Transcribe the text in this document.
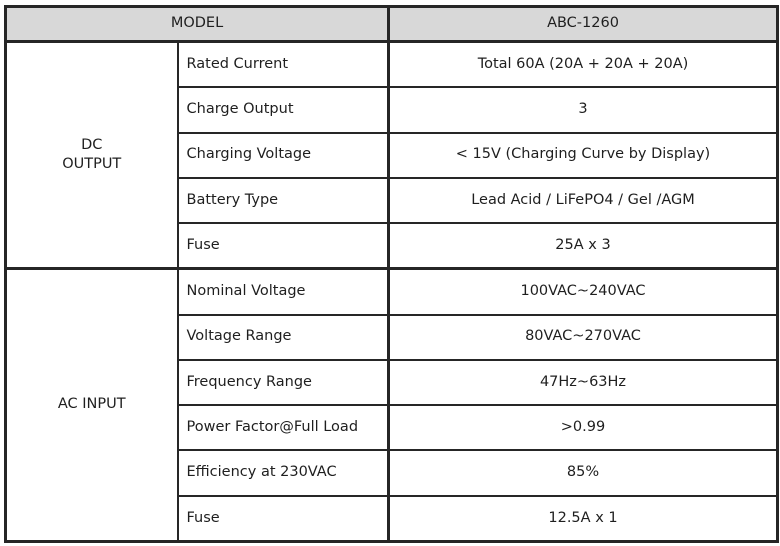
MODEL		ABC-1260

DC
OUTPUT	Rated Current	Total 60A (20A + 20A + 20A)
	Charge Output	3
	Charging Voltage	< 15V (Charging Curve by Display)
	Battery Type	Lead Acid / LiFePO4 / Gel /AGM
	Fuse	25A x 3

AC INPUT	Nominal Voltage	100VAC~240VAC
	Voltage Range	80VAC~270VAC
	Frequency Range	47Hz~63Hz
	Power Factor@Full Load	>0.99
	Efficiency at 230VAC	85%
	Fuse	12.5A x 1
